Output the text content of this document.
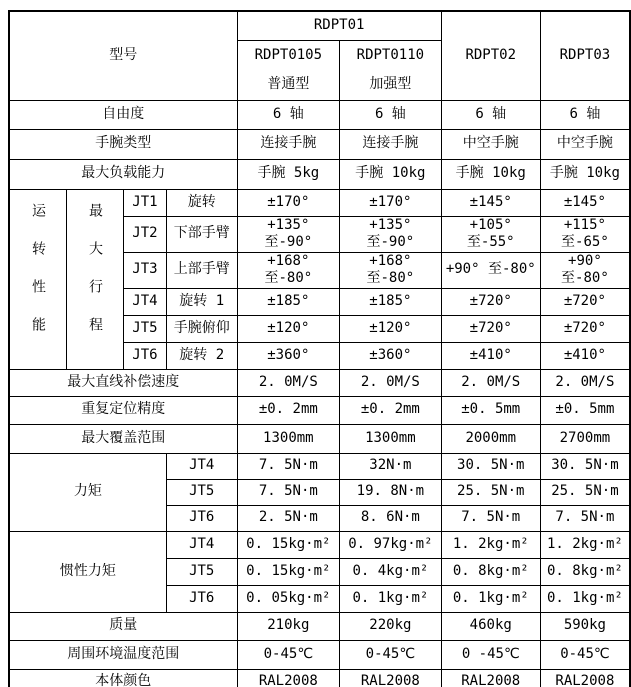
型号				RDPT01		RDPT02	RDPT03
				RDPT0105 普通型	RDPT0110 加强型		
自由度				6 轴	6 轴	6 轴	6 轴
手腕类型				连接手腕	连接手腕	中空手腕	中空手腕
最大负载能力				手腕 5kg	手腕 10kg	手腕 10kg	手腕 10kg
运转性能	最大行程	JT1	旋转	±170°	±170°	±145°	±145°
		JT2	下部手臂	+135° 至-90°	+135° 至-90°	+105° 至-55°	+115° 至-65°
		JT3	上部手臂	+168° 至-80°	+168° 至-80°	+90° 至-80°	+90° 至-80°
		JT4	旋转 1	±185°	±185°	±720°	±720°
		JT5	手腕俯仰	±120°	±120°	±720°	±720°
		JT6	旋转 2	±360°	±360°	±410°	±410°
最大直线补偿速度				2. 0M/S	2. 0M/S	2. 0M/S	2. 0M/S
重复定位精度				±0. 2mm	±0. 2mm	±0. 5mm	±0. 5mm
最大覆盖范围				1300mm	1300mm	2000mm	2700mm
力矩			JT4	7. 5N·m	32N·m	30. 5N·m	30. 5N·m
			JT5	7. 5N·m	19. 8N·m	25. 5N·m	25. 5N·m
			JT6	2. 5N·m	8. 6N·m	7. 5N·m	7. 5N·m
惯性力矩			JT4	0. 15kg·m²	0. 97kg·m²	1. 2kg·m²	1. 2kg·m²
			JT5	0. 15kg·m²	0. 4kg·m²	0. 8kg·m²	0. 8kg·m²
			JT6	0. 05kg·m²	0. 1kg·m²	0. 1kg·m²	0. 1kg·m²
质量				210kg	220kg	460kg	590kg
周围环境温度范围				0-45℃	0-45℃	0 -45℃	0-45℃
本体颜色				RAL2008	RAL2008	RAL2008	RAL2008
